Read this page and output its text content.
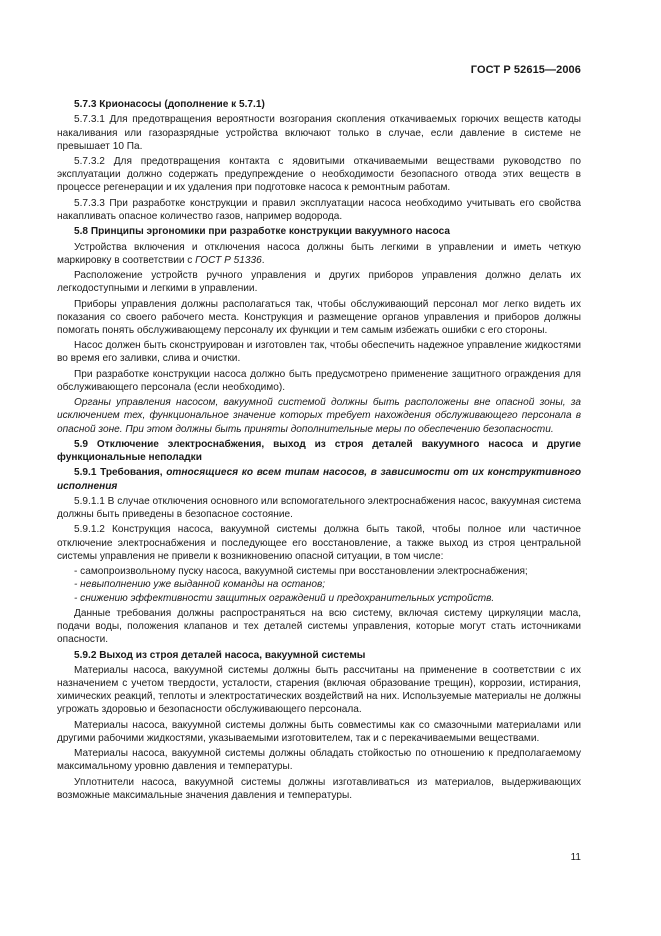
ГОСТ Р 52615—2006
5.7.3 Крионасосы (дополнение к 5.7.1)

5.7.3.1 Для предотвращения вероятности возгорания скопления откачиваемых горючих веществ катоды накаливания или газоразрядные устройства включают только в случае, если давление в системе не превышает 10 Па.

5.7.3.2 Для предотвращения контакта с ядовитыми откачиваемыми веществами руководство по эксплуатации должно содержать предупреждение о необходимости безопасного отвода этих веществ в процессе регенерации и их удаления при подготовке насоса к ремонтным работам.

5.7.3.3 При разработке конструкции и правил эксплуатации насоса необходимо учитывать его свойства накапливать опасное количество газов, например водорода.

5.8 Принципы эргономики при разработке конструкции вакуумного насоса

Устройства включения и отключения насоса должны быть легкими в управлении и иметь четкую маркировку в соответствии с ГОСТ Р 51336.

Расположение устройств ручного управления и других приборов управления должно делать их легкодоступными и легкими в управлении.

Приборы управления должны располагаться так, чтобы обслуживающий персонал мог легко видеть их показания со своего рабочего места. Конструкция и размещение органов управления и приборов должны помогать понять обслуживающему персоналу их функции и тем самым избежать ошибки с его стороны.

Насос должен быть сконструирован и изготовлен так, чтобы обеспечить надежное управление жидкостями во время его заливки, слива и очистки.

При разработке конструкции насоса должно быть предусмотрено применение защитного ограждения для обслуживающего персонала (если необходимо).

Органы управления насосом, вакуумной системой должны быть расположены вне опасной зоны, за исключением тех, функциональное значение которых требует нахождения обслуживающего персонала в опасной зоне. При этом должны быть приняты дополнительные меры по обеспечению безопасности.

5.9 Отключение электроснабжения, выход из строя деталей вакуумного насоса и другие функциональные неполадки
5.9.1 Требования, относящиеся ко всем типам насосов, в зависимости от их конструктивного исполнения

5.9.1.1 В случае отключения основного или вспомогательного электроснабжения насос, вакуумная система должны быть приведены в безопасное состояние.

5.9.1.2 Конструкция насоса, вакуумной системы должна быть такой, чтобы полное или частичное отключение электроснабжения и последующее его восстановление, а также выход из строя центральной системы управления не привели к возникновению опасной ситуации, в том числе:

- самопроизвольному пуску насоса, вакуумной системы при восстановлении электроснабжения;
- невыполнению уже выданной команды на останов;
- снижению эффективности защитных ограждений и предохранительных устройств.

Данные требования должны распространяться на всю систему, включая систему циркуляции масла, подачи воды, положения клапанов и тех деталей системы управления, которые могут стать источниками опасности.

5.9.2 Выход из строя деталей насоса, вакуумной системы

Материалы насоса, вакуумной системы должны быть рассчитаны на применение в соответствии с их назначением с учетом твердости, усталости, старения (включая образование трещин), коррозии, истирания, химических реакций, теплоты и электростатических воздействий на них. Используемые материалы не должны угрожать здоровью и безопасности обслуживающего персонала.

Материалы насоса, вакуумной системы должны быть совместимы как со смазочными материалами или другими рабочими жидкостями, указываемыми изготовителем, так и с перекачиваемыми веществами.

Материалы насоса, вакуумной системы должны обладать стойкостью по отношению к предполагаемому максимальному уровню давления и температуры.

Уплотнители насоса, вакуумной системы должны изготавливаться из материалов, выдерживающих возможные максимальные значения давления и температуры.

11
